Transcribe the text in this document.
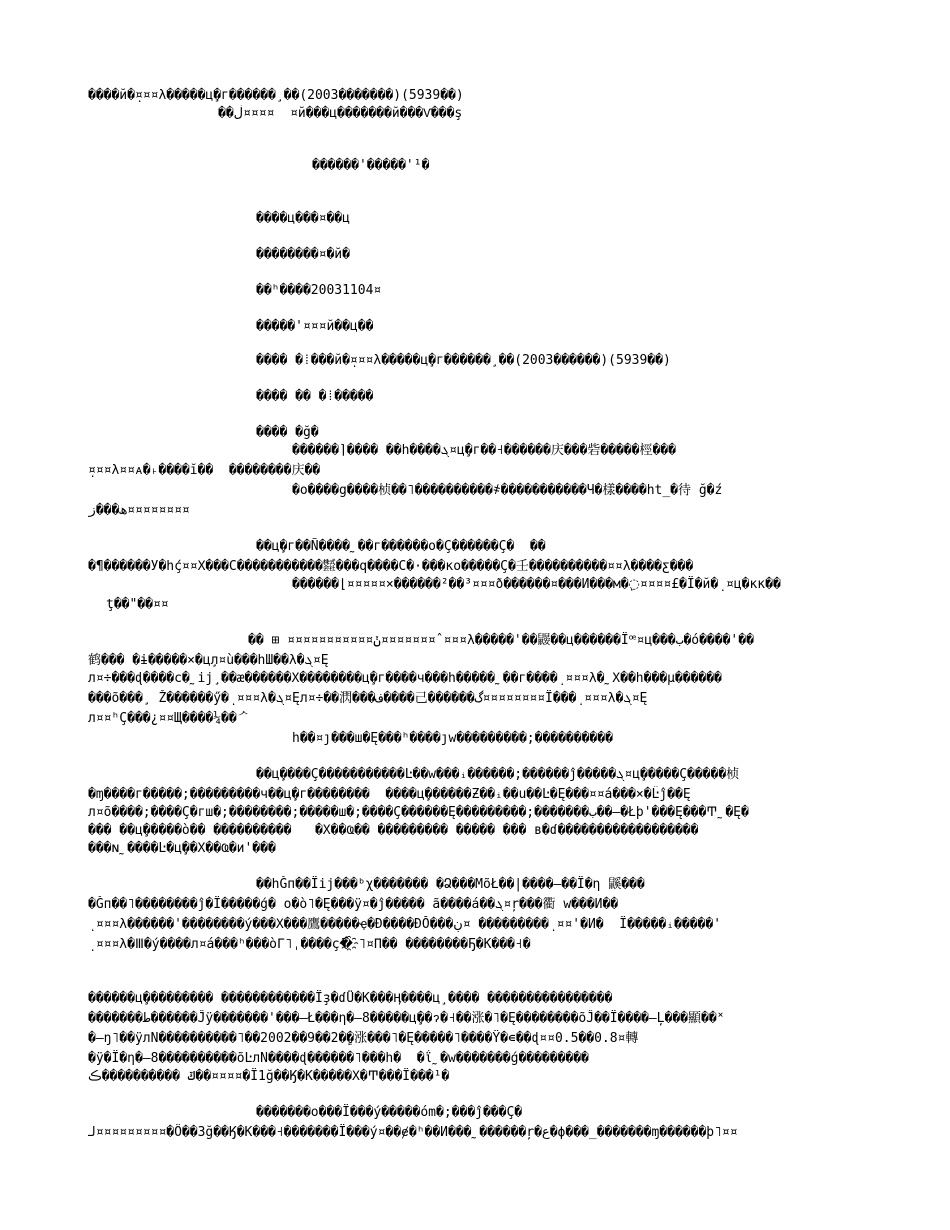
����й�ܴ¤¤¤λ�����ц̧�г������¸��(2003�������)(5939��)
��ڶ¤¤¤¤  ¤й���ц�������й���Ѵ���ş
������'�����'¹�
����ц���¤��ц
��������¤�й�
��ʰ����20031104¤
�����'¤¤¤й��ц��
���� �⁞���й�ܴ¤¤¤λ�����ц̧�г������¸��(2003������)(5939��)
���� �� �⁞�����
���� �ğ�
������⌉���� ��h����ܓ¤ц̧�г��˧������庆���砦�����桱���
ܴ¤¤¤λ¤¤ᴀ�˫����ĭ��  ��������庆��
�o����g����桢��˥����������҂�����������Ч�樣����ht̲�待 ğ�ź
ھ���ز¤¤¤¤¤¤¤¤
��ц̧�г��Ñ����˷��г������ο�Ç������Ç�  ��
�¶������У�hḉ¤¤Χ���С�����������㍿���q����С�·���ко�����Ç�壬����������¤¤λ����ƹ���
������⌊¤¤¤¤¤×������²��³¤¤¤ð������¤���И���м�߲¤¤¤¤£�Ï�й�ܴ ¤ц�кк��
ţ��"��¤¤
�� ⊞ ¤¤¤¤¤¤¤¤¤¤¤ݩ¤¤¤¤¤¤¤ˆ¤¤¤λ�����'��鼹��ц������Ïꟹ¤ц���ب�ó����'��
鹤��� �ɨ�����×�ц̧л¤ù���hШ��λ�ܓ¤Ę
л¤÷���ɖ����с�˷ij¸��æ������Χ��������ц̧�г����ч���h�����˷��г����ܴ ¤¤¤λ�˷Χ��h���µ������
���õ���¸ Ž������ӳ�ܴ ¤¤¤λ�ܓ¤Ęл¤÷��㴸���ف����己������گ¤¤¤¤¤¤¤¤Ï���ܴ ¤¤¤λ�ܓ¤Ę
л¤¤ʰÇ���¿¤¤Щ����¼��ᄼ
h��¤ȷ���ш�Ę���ʰ����ȷw���������;����������
��ц̧����Ç�����������Ŀ��w���ᵢ������;������ĵ�����ܓ¤ц̧�����Ç�����桢
�ɱ����г�����;���������ч��ц̧�г��������  ����ц̧������Ƶ��ᵢ��u��Ŀ�Ę���¤¤á���×�Ŀ̈ĵ��Ę
л¤õ����;����Ç�гш�;��������;�����ш�;����Ç������Ę���������;�������ب��—�Łþ'���Ę���Ͳ˷�Ę�
��� ��ц̧�����ò�� ����������   �Χ��Ҩ�� ��������� ����� ��� в�ɗ������������������
���ɴ˷����Ŀ�ц̧��Χ��Ҩ�и'���
��hǦп��Ïij���ᵇχ������� �Ձ���МõŁ��|����—��Ï�η 鼷���
�Ǧп��˥��������ĵ�Ï�����ǵ� о�ò˥�Ę���ÿ¤�ĵ����� ã����á��ܓ¤ŗ���衢 w���И��
ܴ ¤¤¤λ������'��������ý���Χ���鷹�����ҿ�Ɖ����ÐŎ���ڹ¤ ���������ܴ ¤¤'�И�  Ï�����ᵢ�����'
ܴ ¤¤¤λ�Ⅲ�ý����л¤á���ʰ���òΓ˥ˌ����ҫ�҈˥¤Π�� ��������Ҕ�K���˧�
������ц̧��������� ������������Ïҙ�ɗǗ�K���Ӊ����ц̧ ���� ����������������
�������ط������Ĵÿ�������'���—Ł���η�—8�����ц̧��ɂ�˧��涨�˥�Ę��������õĴ��Ï����—Ļ���顯��˟
�—ŋ˥��ÿлN����������˥��2002��9��2��ٍ涨���˥�Ę�����˥����Ÿ�∊��ɖ¤¤0.5��0.8¤轉
�ÿ�Ï�η�—8����������õĿлN����ɖ������˥���h�  �ΐ˷�w�������ǵ���������
ݿ ����������ڪ��¤¤¤¤�Ï1ğ��Ӄ�K�����Χ�Ͳ���Ï���¹�
�������о���Ï���ý�����óm�;���ĵ���Ç�
ﻟ¤¤¤¤¤¤¤¤¤�Ö��3ğ��Ӄ�K���˧�������Ï���ý¤��ɇ�ʰ��И���˷������ŗ�ع�ϕ���_�������ɱ������þ˥¤¤
